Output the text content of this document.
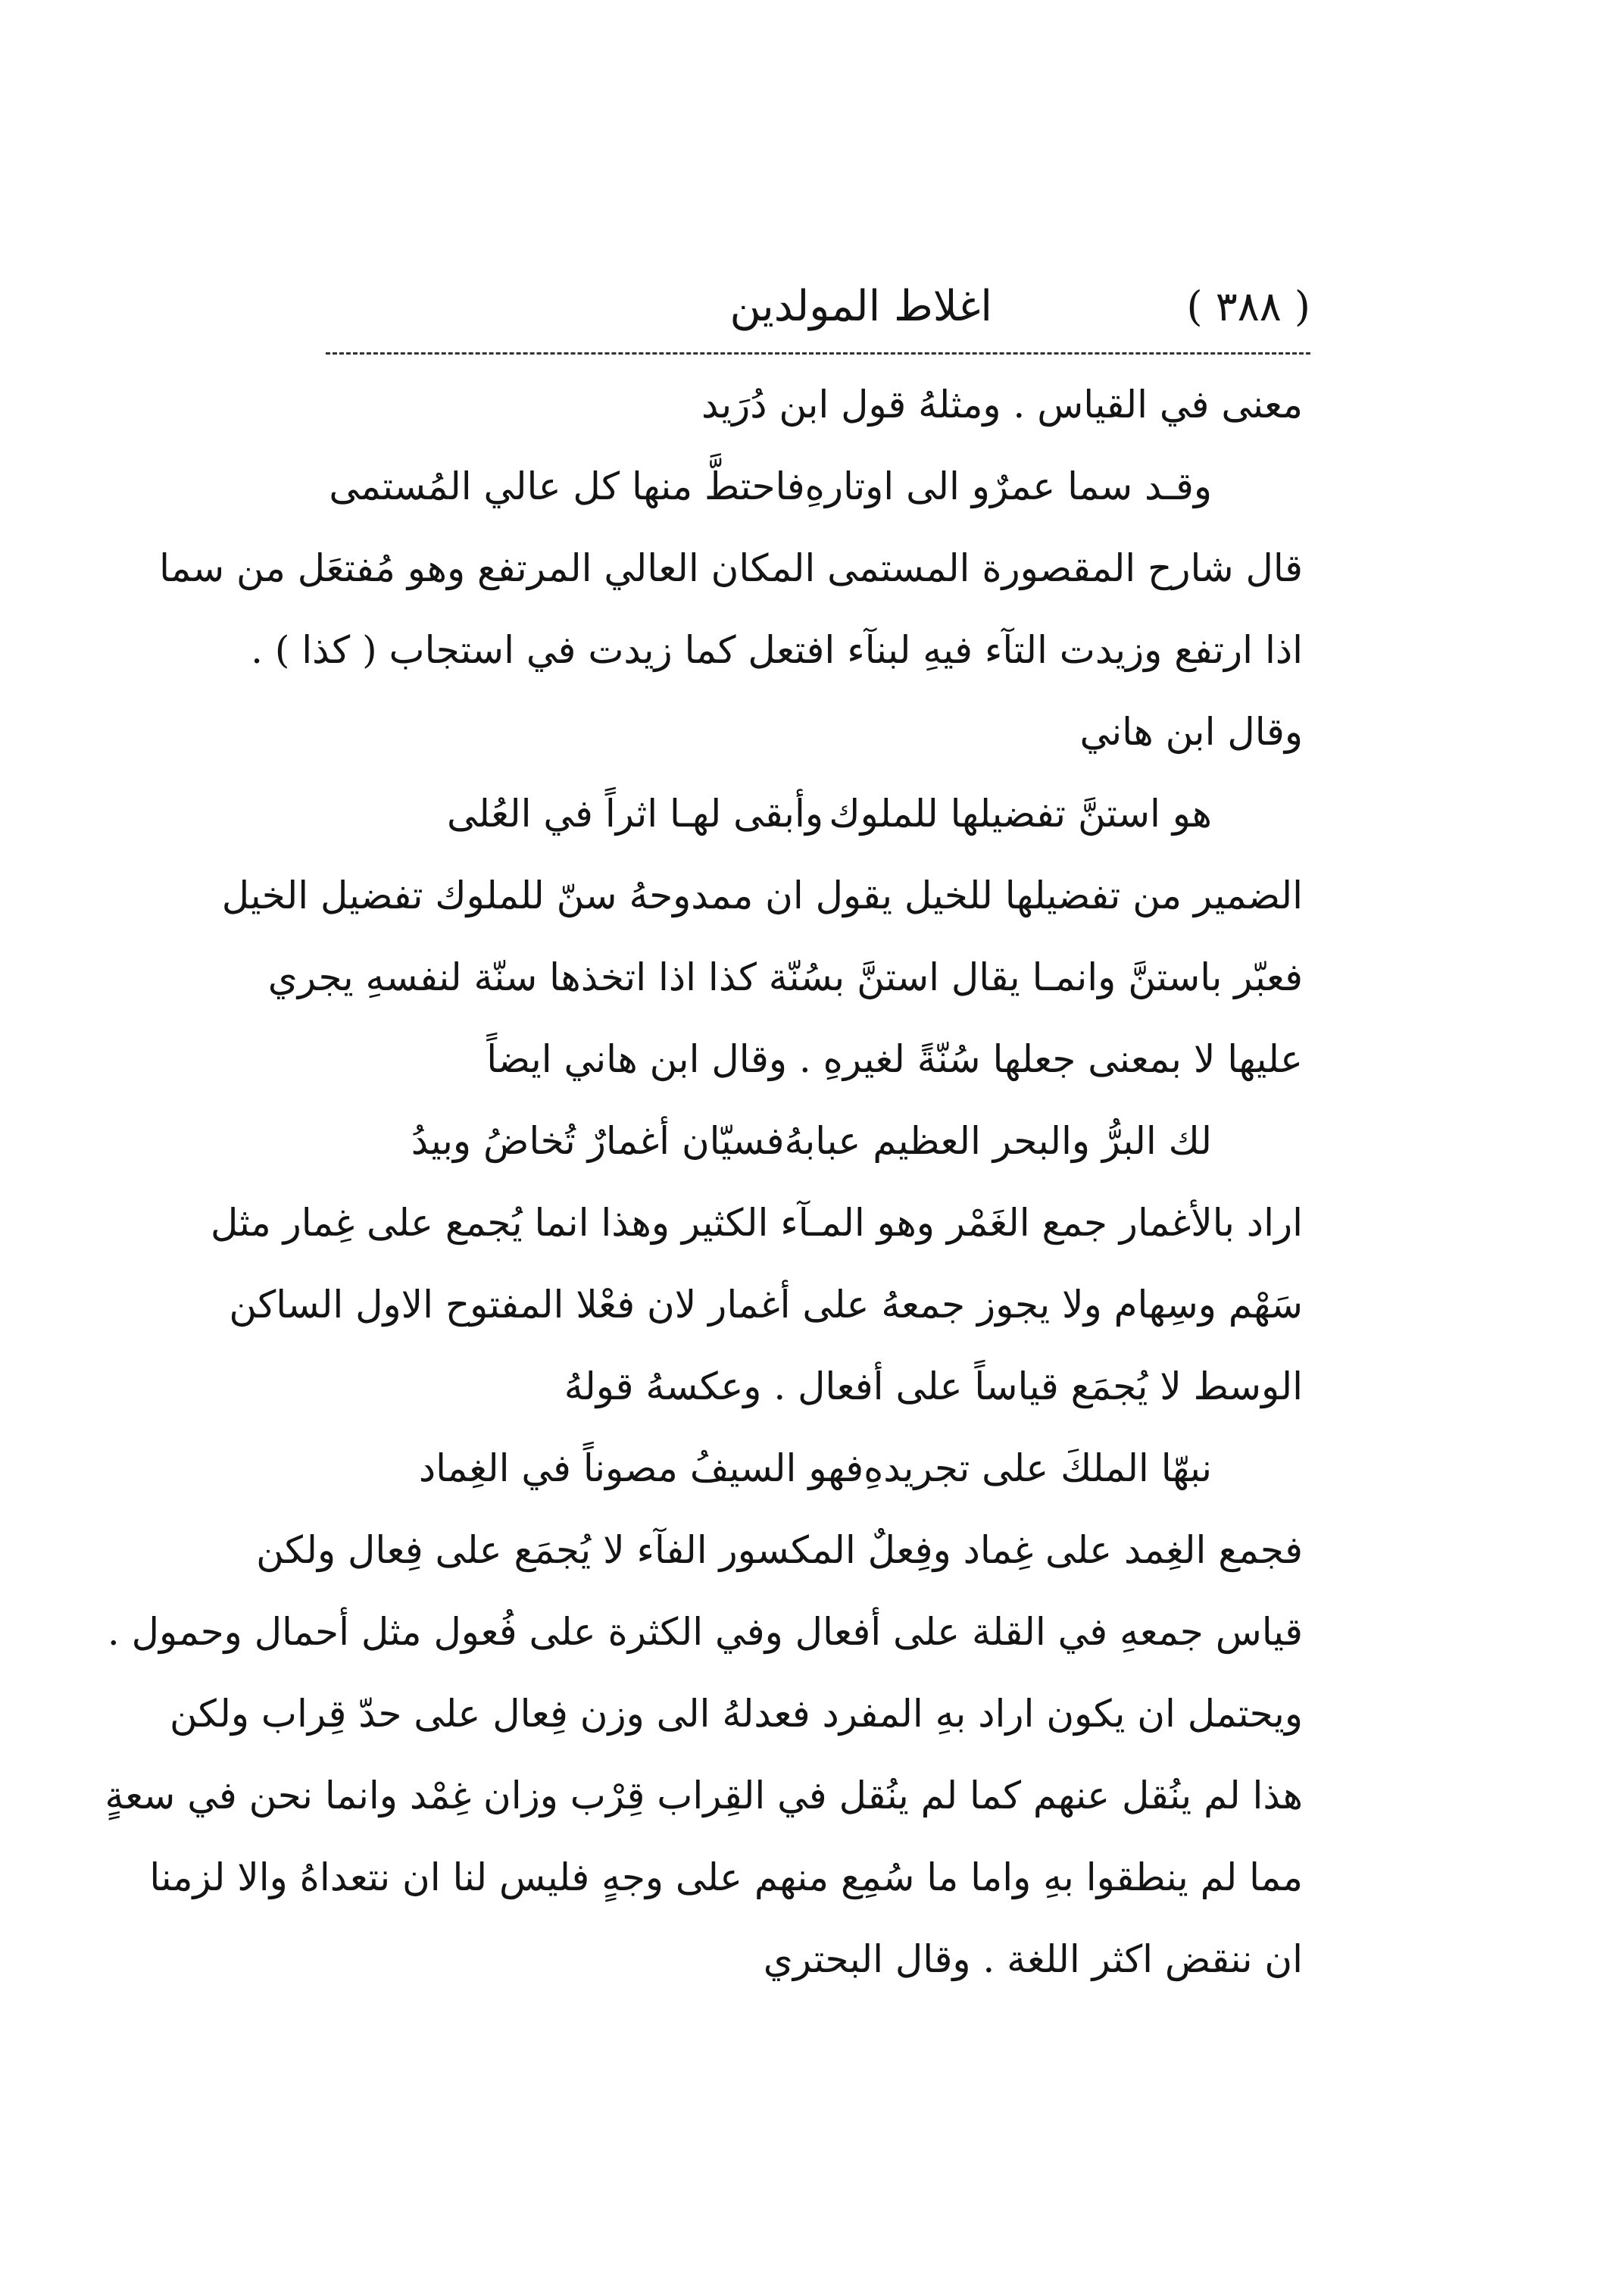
( ٣٨٨ )
اغلاط المولدين
معنى في القياس . ومثلهُ قول ابن دُرَيد
وقـد سما عمرٌو الى اوتارهِ
فاحتطَّ منها كل عالي المُستمى
قال شارح المقصورة المستمى المكان العالي المرتفع وهو مُفتعَل من سما
اذا ارتفع وزيدت التآء فيهِ لبنآء افتعل كما زيدت في استجاب ( كذا ) .
وقال ابن هاني
هو استنَّ تفضيلها للملوك
وأبقى لهـا اثراً في العُلى
الضمير من تفضيلها للخيل يقول ان ممدوحهُ سنّ للملوك تفضيل الخيل
فعبّر باستنَّ وانمـا يقال استنَّ بسُنّة كذا اذا اتخذها سنّة لنفسهِ يجري
عليها لا بمعنى جعلها سُنّةً لغيرهِ . وقال ابن هاني ايضاً
لك البرُّ والبحر العظيم عبابهُ
فسيّان أغمارٌ تُخاضُ وبيدُ
اراد بالأغمار جمع الغَمْر وهو المـآء الكثير وهذا انما يُجمع على غِمار مثل
سَهْم وسِهام ولا يجوز جمعهُ على أغمار لان فعْلا المفتوح الاول الساكن
الوسط لا يُجمَع قياساً على أفعال . وعكسهُ قولهُ
نبهّا الملكَ على تجريدهِ
فهو السيفُ مصوناً في الغِماد
فجمع الغِمد على غِماد وفِعلٌ المكسور الفآء لا يُجمَع على فِعال ولكن
قياس جمعهِ في القلة على أفعال وفي الكثرة على فُعول مثل أحمال وحمول .
ويحتمل ان يكون اراد بهِ المفرد فعدلهُ الى وزن فِعال على حدّ قِراب ولكن
هذا لم ينُقل عنهم كما لم ينُقل في القِراب قِرْب وزان غِمْد وانما نحن في سعةٍ
مما لم ينطقوا بهِ واما ما سُمِع منهم على وجهٍ فليس لنا ان نتعداهُ والا لزمنا
ان ننقض اكثر اللغة . وقال البحتري
